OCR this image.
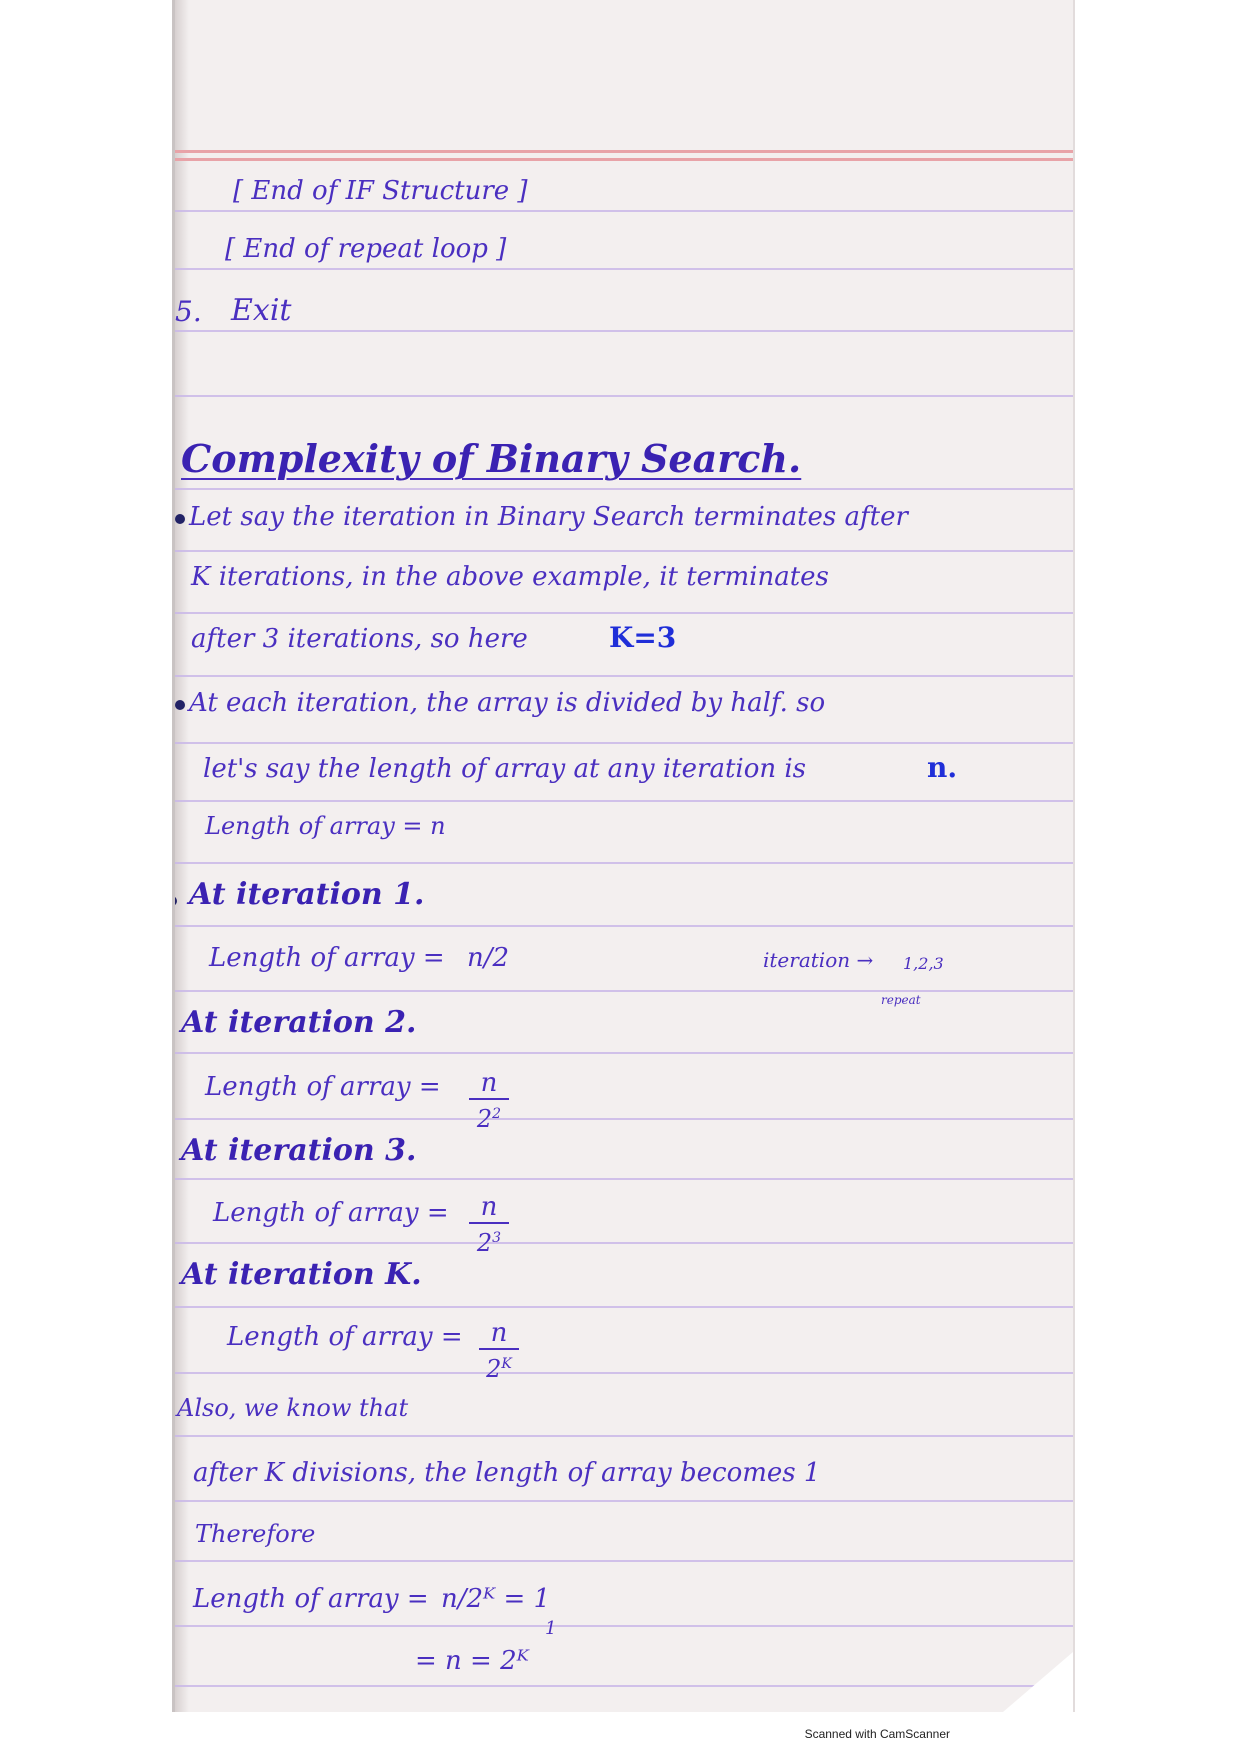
[ End of IF Structure ]
[ End of repeat loop ]
5. Exit
Complexity of Binary Search.
Let say the iteration in Binary Search terminates after
K iterations, in the above example, it terminates
after 3 iterations, so here	K=3
At each iteration, the array is divided by half. so
let's say the length of array at any iteration is	n.
Length of array = n
At iteration 1.
Length of array = n/2	iteration → 1,2,3
repeat
At iteration 2.
Length of array =	n
$2^2$
At iteration 3.
Length of array =	n
$2^3$
At iteration K.
Length of array =	n
$2^K$
Also, we know that
after K divisions, the length of array becomes 1
Therefore
Length of array = n/2ᴷ = 1
1
= n = 2ᴷ
Scanned with CamScanner
